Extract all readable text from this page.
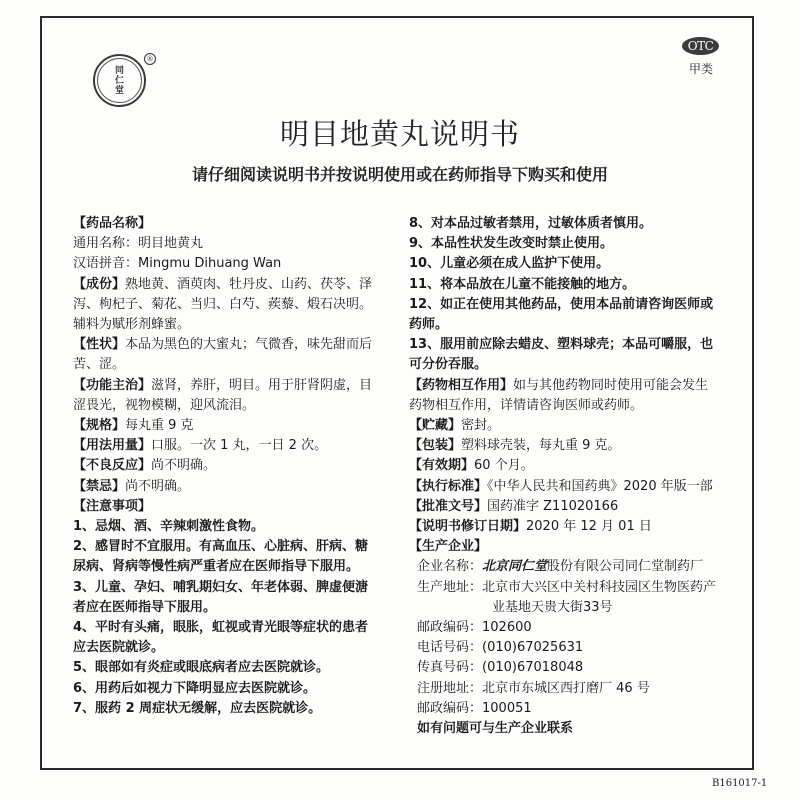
同
仁
堂
®
OTC
甲类
明目地黄丸说明书
请仔细阅读说明书并按说明使用或在药师指导下购买和使用
【药品名称】
通用名称：明目地黄丸
汉语拼音：Mingmu Dihuang Wan
【成份】熟地黄、酒萸肉、牡丹皮、山药、茯苓、泽
泻、枸杞子、菊花、当归、白芍、蒺藜、煅石决明。
辅料为赋形剂蜂蜜。
【性状】本品为黑色的大蜜丸；气微香，味先甜而后
苦、涩。
【功能主治】滋肾，养肝，明目。用于肝肾阴虚，目
涩畏光，视物模糊，迎风流泪。
【规格】每丸重 9 克
【用法用量】口服。一次 1 丸，一日 2 次。
【不良反应】尚不明确。
【禁忌】尚不明确。
【注意事项】
1、忌烟、酒、辛辣刺激性食物。
2、感冒时不宜服用。有高血压、心脏病、肝病、糖
尿病、肾病等慢性病严重者应在医师指导下服用。
3、儿童、孕妇、哺乳期妇女、年老体弱、脾虚便溏
者应在医师指导下服用。
4、平时有头痛，眼胀，虹视或青光眼等症状的患者
应去医院就诊。
5、眼部如有炎症或眼底病者应去医院就诊。
6、用药后如视力下降明显应去医院就诊。
7、服药 2 周症状无缓解，应去医院就诊。
8、对本品过敏者禁用，过敏体质者慎用。
9、本品性状发生改变时禁止使用。
10、儿童必须在成人监护下使用。
11、将本品放在儿童不能接触的地方。
12、如正在使用其他药品，使用本品前请咨询医师或
药师。
13、服用前应除去蜡皮、塑料球壳；本品可嚼服，也
可分份吞服。
【药物相互作用】如与其他药物同时使用可能会发生
药物相互作用，详情请咨询医师或药师。
【贮藏】密封。
【包装】塑料球壳装，每丸重 9 克。
【有效期】60 个月。
【执行标准】《中华人民共和国药典》2020 年版一部
【批准文号】国药准字 Z11020166
【说明书修订日期】2020 年 12 月 01 日
【生产企业】
企业名称：北京同仁堂股份有限公司同仁堂制药厂
生产地址：北京市大兴区中关村科技园区生物医药产
业基地天贵大街33号
邮政编码：102600
电话号码：(010)67025631
传真号码：(010)67018048
注册地址：北京市东城区西打磨厂 46 号
邮政编码：100051
如有问题可与生产企业联系
B161017-1
